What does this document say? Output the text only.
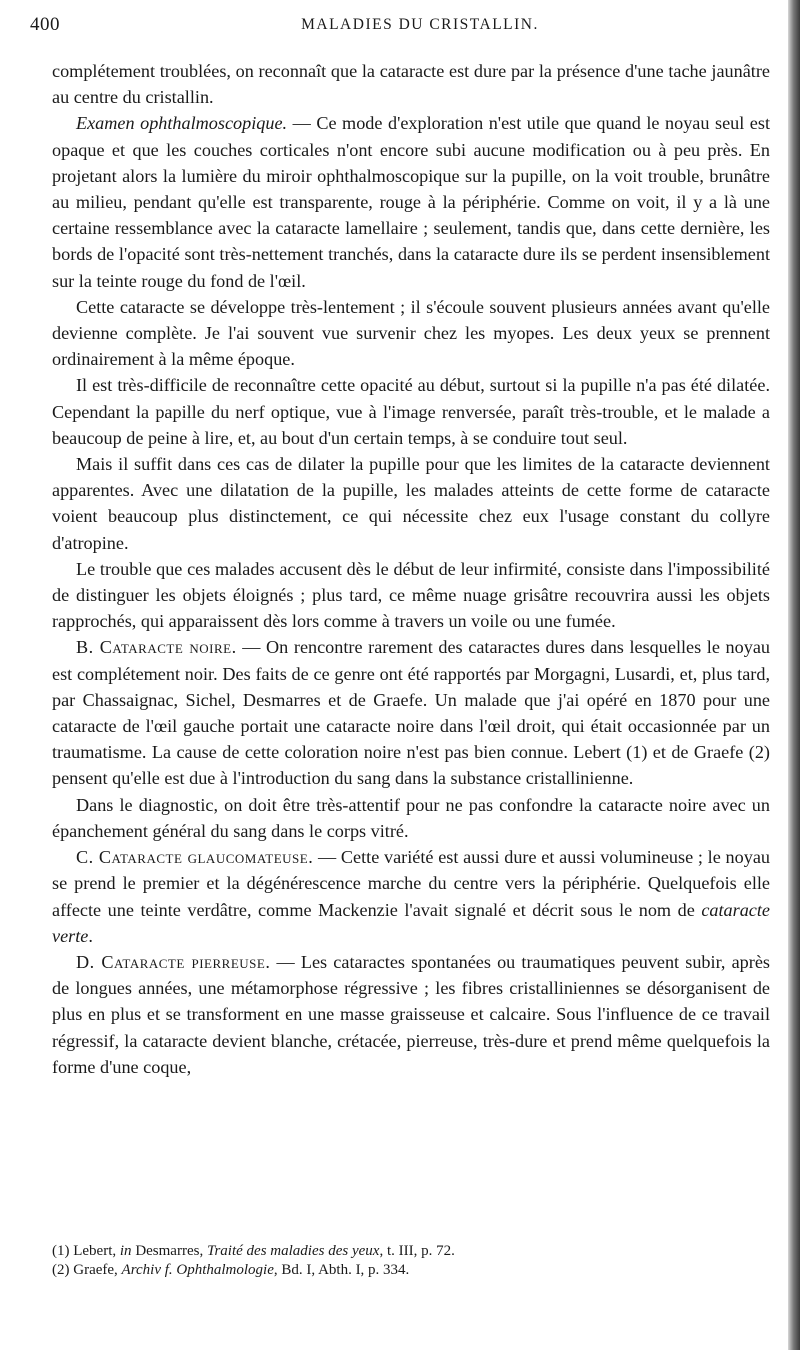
400	MALADIES DU CRISTALLIN.

complétement troublées, on reconnaît que la cataracte est dure par la présence d'une tache jaunâtre au centre du cristallin.

Examen ophthalmoscopique. — Ce mode d'exploration n'est utile que quand le noyau seul est opaque et que les couches corticales n'ont encore subi aucune modification ou à peu près. En projetant alors la lumière du miroir ophthalmoscopique sur la pupille, on la voit trouble, brunâtre au milieu, pendant qu'elle est transparente, rouge à la périphérie. Comme on voit, il y a là une certaine ressemblance avec la cataracte lamellaire ; seulement, tandis que, dans cette dernière, les bords de l'opacité sont très-nettement tranchés, dans la cataracte dure ils se perdent insensiblement sur la teinte rouge du fond de l'œil.

Cette cataracte se développe très-lentement ; il s'écoule souvent plusieurs années avant qu'elle devienne complète. Je l'ai souvent vue survenir chez les myopes. Les deux yeux se prennent ordinairement à la même époque.

Il est très-difficile de reconnaître cette opacité au début, surtout si la pupille n'a pas été dilatée. Cependant la papille du nerf optique, vue à l'image renversée, paraît très-trouble, et le malade a beaucoup de peine à lire, et, au bout d'un certain temps, à se conduire tout seul.

Mais il suffit dans ces cas de dilater la pupille pour que les limites de la cataracte deviennent apparentes. Avec une dilatation de la pupille, les malades atteints de cette forme de cataracte voient beaucoup plus distinctement, ce qui nécessite chez eux l'usage constant du collyre d'atropine.

Le trouble que ces malades accusent dès le début de leur infirmité, consiste dans l'impossibilité de distinguer les objets éloignés ; plus tard, ce même nuage grisâtre recouvrira aussi les objets rapprochés, qui apparaissent dès lors comme à travers un voile ou une fumée.

B. Cataracte noire. — On rencontre rarement des cataractes dures dans lesquelles le noyau est complétement noir. Des faits de ce genre ont été rapportés par Morgagni, Lusardi, et, plus tard, par Chassaignac, Sichel, Desmarres et de Graefe. Un malade que j'ai opéré en 1870 pour une cataracte de l'œil gauche portait une cataracte noire dans l'œil droit, qui était occasionnée par un traumatisme. La cause de cette coloration noire n'est pas bien connue. Lebert (1) et de Graefe (2) pensent qu'elle est due à l'introduction du sang dans la substance cristallinienne.

Dans le diagnostic, on doit être très-attentif pour ne pas confondre la cataracte noire avec un épanchement général du sang dans le corps vitré.

C. Cataracte glaucomateuse. — Cette variété est aussi dure et aussi volumineuse ; le noyau se prend le premier et la dégénérescence marche du centre vers la périphérie. Quelquefois elle affecte une teinte verdâtre, comme Mackenzie l'avait signalé et décrit sous le nom de cataracte verte.

D. Cataracte pierreuse. — Les cataractes spontanées ou traumatiques peuvent subir, après de longues années, une métamorphose régressive ; les fibres cristalliniennes se désorganisent de plus en plus et se transforment en une masse graisseuse et calcaire. Sous l'influence de ce travail régressif, la cataracte devient blanche, crétacée, pierreuse, très-dure et prend même quelquefois la forme d'une coque,

(1) Lebert, in Desmarres, Traité des maladies des yeux, t. III, p. 72.

(2) Graefe, Archiv f. Ophthalmologie, Bd. I, Abth. I, p. 334.
